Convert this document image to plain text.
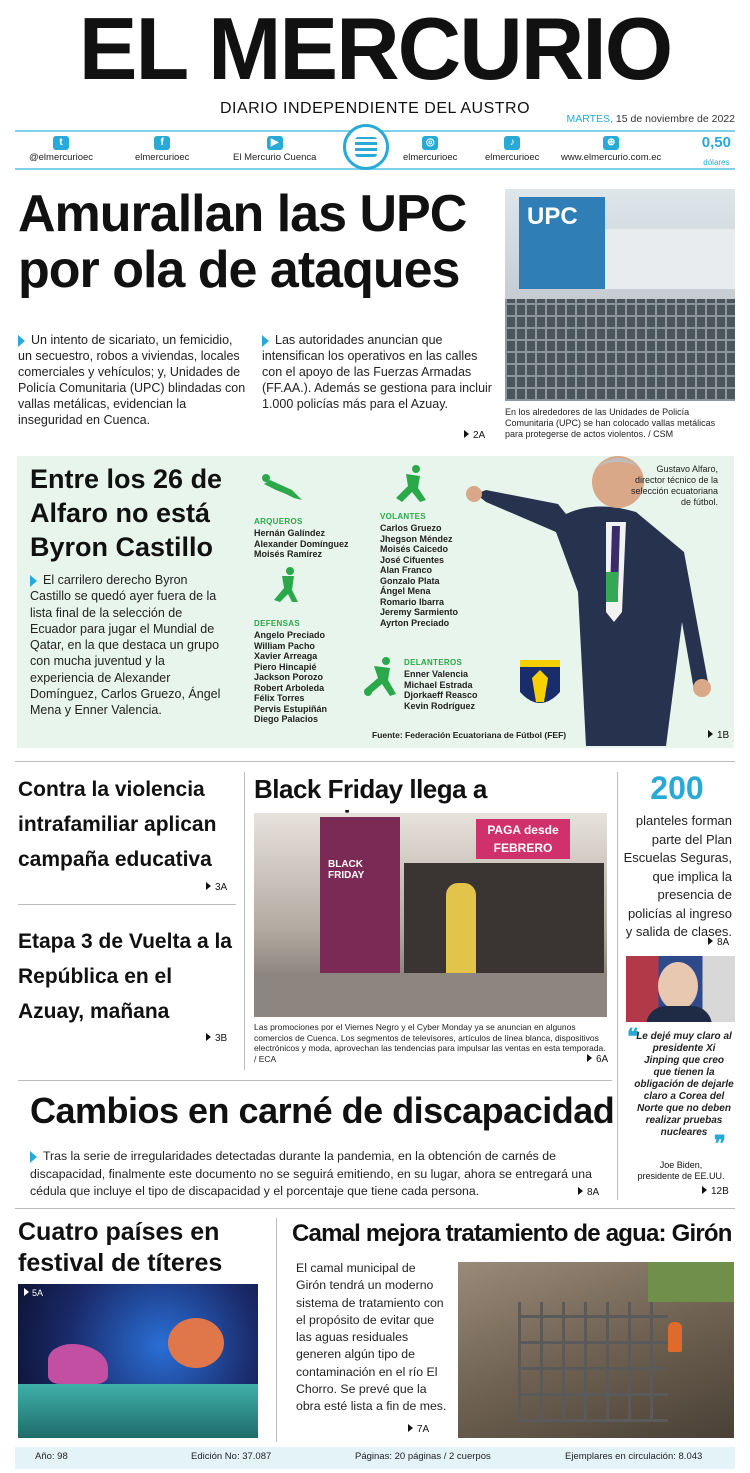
EL MERCURIO
DIARIO INDEPENDIENTE DEL AUSTRO
MARTES, 15 de noviembre de 2022
t
@elmercurioec
f
elmercurioec
▶
El Mercurio Cuenca
◎
elmercurioec
♪
elmercurioec
⊕
www.elmercurio.com.ec
0,50
dólares
Amurallan las UPC por ola de ataques
Un intento de sicariato, un femicidio, un secuestro, robos a viviendas, locales comerciales y vehículos; y, Unidades de Policía Comunitaria (UPC) blindadas con vallas metálicas, evidencian la inseguridad en Cuenca.
Las autoridades anuncian que intensifican los operativos en las calles con el apoyo de las Fuerzas Armadas (FF.AA.). Además se gestiona para incluir 1.000 policías más para el Azuay.
2A
UPC
En los alrededores de las Unidades de Policía Comunitaria (UPC) se han colocado vallas metálicas para protegerse de actos violentos. / CSM
Entre los 26 de Alfaro no está Byron Castillo
El carrilero derecho Byron Castillo se quedó ayer fuera de la lista final de la selección de Ecuador para jugar el Mundial de Qatar, en la que destaca un grupo con mucha juventud y la experiencia de Alexander Domínguez, Carlos Gruezo, Ángel Mena y Enner Valencia.
ARQUEROS
Hernán Galíndez
Alexander Domínguez
Moisés Ramírez
DEFENSAS
Angelo Preciado
William Pacho
Xavier Arreaga
Piero Hincapié
Jackson Porozo
Robert Arboleda
Félix Torres
Pervis Estupiñán
Diego Palacios
VOLANTES
Carlos Gruezo
Jhegson Méndez
Moisés Caicedo
José Cifuentes
Alan Franco
Gonzalo Plata
Ángel Mena
Romario Ibarra
Jeremy Sarmiento
Ayrton Preciado
DELANTEROS
Enner Valencia
Michael Estrada
Djorkaeff Reasco
Kevin Rodríguez
Gustavo Alfaro, director técnico de la selección ecuatoriana de fútbol.
Fuente: Federación Ecuatoriana de Fútbol (FEF)	1B
Contra la violencia intrafamiliar aplican campaña educativa
3A
Etapa 3 de Vuelta a la República en el Azuay, mañana
3B
Black Friday llega a
BLACK FRIDAY
PAGA desde FEBRERO
Las promociones por el Viernes Negro y el Cyber Monday ya se anuncian en algunos comercios de Cuenca. Los segmentos de televisores, artículos de línea blanca, dispositivos electrónicos y moda, aprovechan las tendencias para impulsar las ventas en esta temporada. / ECA	6A
200
planteles forman parte del Plan Escuelas Seguras, que implica la presencia de policías al ingreso y salida de clases.
8A
❝
Le dejé muy claro al presidente Xi Jinping que creo que tienen la obligación de dejarle claro a Corea del Norte que no deben realizar pruebas nucleares ❞
Joe Biden,
presidente de EE.UU.
12B
Cambios en carné de discapacidad
Tras la serie de irregularidades detectadas durante la pandemia, en la obtención de carnés de discapacidad, finalmente este documento no se seguirá emitiendo, en su lugar, ahora se entregará una cédula que incluye el tipo de discapacidad y el porcentaje que tiene cada persona.	8A
Cuatro países en festival de títeres
5A
Camal mejora tratamiento de agua: Girón
El camal municipal de Girón tendrá un moderno sistema de tratamiento con el propósito de evitar que las aguas residuales generen algún tipo de contaminación en el río El Chorro. Se prevé que la obra esté lista a fin de mes.
7A
Año: 98	Edición No: 37.087	Páginas: 20 páginas / 2 cuerpos	Ejemplares en circulación: 8.043
